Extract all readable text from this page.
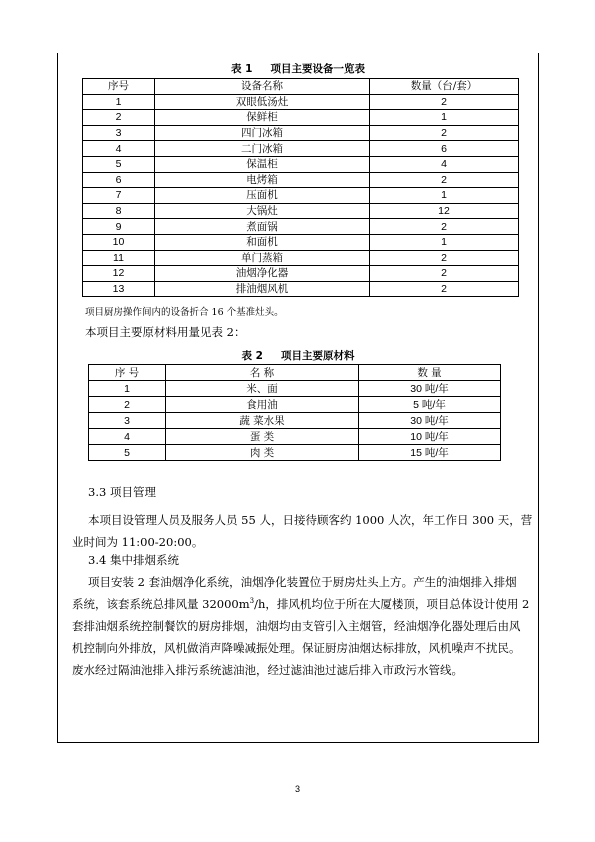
表 1 项目主要设备一览表
序号	设备名称	数量（台/套）
1	双眼低汤灶	2
2	保鲜柜	1
3	四门冰箱	2
4	二门冰箱	6
5	保温柜	4
6	电烤箱	2
7	压面机	1
8	大锅灶	12
9	煮面锅	2
10	和面机	1
11	单门蒸箱	2
12	油烟净化器	2
13	排油烟风机	2
项目厨房操作间内的设备折合 16 个基准灶头。

本项目主要原材料用量见表 2：

表 2 项目主要原材料
序 号	名 称	数 量
1	米、面	30 吨/年
2	食用油	5 吨/年
3	蔬 菜水果	30 吨/年
4	蛋 类	10 吨/年
5	肉 类	15 吨/年

3.3 项目管理

本项目设管理人员及服务人员 55 人，日接待顾客约 1000 人次，年工作日 300 天，营

业时间为 11:00-20:00。

3.4 集中排烟系统

项目安装 2 套油烟净化系统，油烟净化装置位于厨房灶头上方。产生的油烟排入排烟

系统，该套系统总排风量 $32000m^3/h$，排风机均位于所在大厦楼顶，项目总体设计使用 2

套排油烟系统控制餐饮的厨房排烟，油烟均由支管引入主烟管，经油烟净化器处理后由风

机控制向外排放，风机做消声降噪减振处理。保证厨房油烟达标排放，风机噪声不扰民。

废水经过隔油池排入排污系统滤油池，经过滤油池过滤后排入市政污水管线。

3
